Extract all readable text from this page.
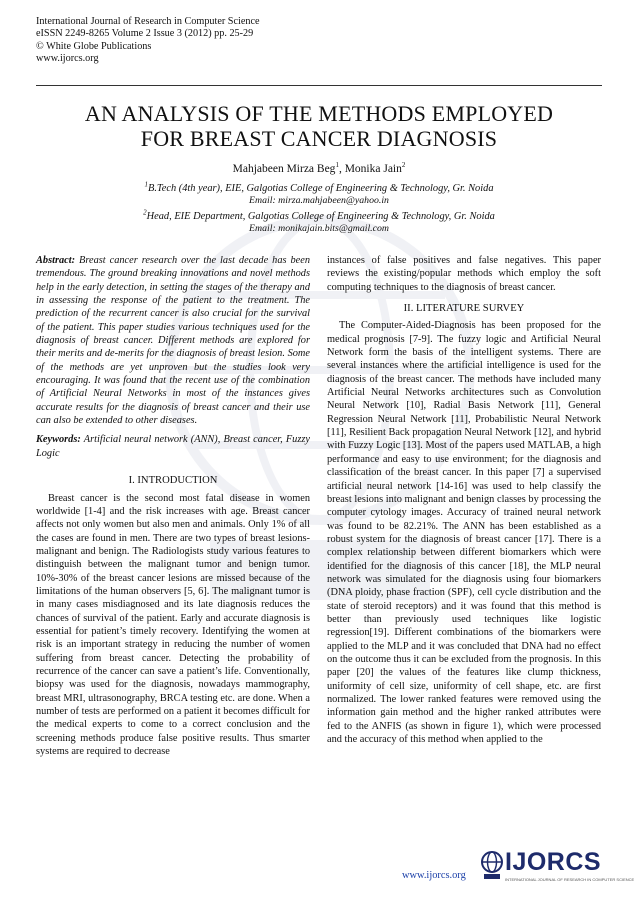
International Journal of Research in Computer Science
eISSN 2249-8265 Volume 2 Issue 3 (2012) pp. 25-29
© White Globe Publications
www.ijorcs.org
AN ANALYSIS OF THE METHODS EMPLOYED
FOR BREAST CANCER DIAGNOSIS
Mahjabeen Mirza Beg$^1$, Monika Jain$^2$
$^1$B.Tech (4th year), EIE, Galgotias College of Engineering & Technology, Gr. Noida
Email: mirza.mahjabeen@yahoo.in
$^2$Head, EIE Department, Galgotias College of Engineering & Technology, Gr. Noida
Email: monikajain.bits@gmail.com

Abstract: Breast cancer research over the last decade has been tremendous. The ground breaking innovations and novel methods help in the early detection, in setting the stages of the therapy and in assessing the response of the patient to the treatment. The prediction of the recurrent cancer is also crucial for the survival of the patient. This paper studies various techniques used for the diagnosis of breast cancer. Different methods are explored for their merits and de-merits for the diagnosis of breast lesion. Some of the methods are yet unproven but the studies look very encouraging. It was found that the recent use of the combination of Artificial Neural Networks in most of the instances gives accurate results for the diagnosis of breast cancer and their use can also be extended to other diseases.

Keywords: Artificial neural network (ANN), Breast cancer, Fuzzy Logic

I. INTRODUCTION

Breast cancer is the second most fatal disease in women worldwide [1-4] and the risk increases with age. Breast cancer affects not only women but also men and animals. Only 1% of all the cases are found in men. There are two types of breast lesions- malignant and benign. The Radiologists study various features to distinguish between the malignant tumor and benign tumor. 10%-30% of the breast cancer lesions are missed because of the limitations of the human observers [5, 6]. The malignant tumor is in many cases misdiagnosed and its late diagnosis reduces the chances of survival of the patient. Early and accurate diagnosis is essential for patient’s timely recovery. Identifying the women at risk is an important strategy in reducing the number of women suffering from breast cancer. Detecting the probability of recurrence of the cancer can save a patient’s life. Conventionally, biopsy was used for the diagnosis, nowadays mammography, breast MRI, ultrasonography, BRCA testing etc. are done. When a number of tests are performed on a patient it becomes difficult for the medical experts to come to a correct conclusion and the screening methods produce false positive results. Thus smarter systems are required to decrease

instances of false positives and false negatives. This paper reviews the existing/popular methods which employ the soft computing techniques to the diagnosis of breast cancer.

II. LITERATURE SURVEY

The Computer-Aided-Diagnosis has been proposed for the medical prognosis [7-9]. The fuzzy logic and Artificial Neural Network form the basis of the intelligent systems. There are several instances where the artificial intelligence is used for the diagnosis of the breast cancer. The methods have included many Artificial Neural Networks architectures such as Convolution Neural Network [10], Radial Basis Network [11], General Regression Neural Network [11], Probabilistic Neural Network [11], Resilient Back propagation Neural Network [12], and hybrid with Fuzzy Logic [13]. Most of the papers used MATLAB, a high performance and easy to use environment; for the diagnosis and classification of the breast cancer. In this paper [7] a supervised artificial neural network [14-16] was used to help classify the breast lesions into malignant and benign classes by processing the computer cytology images. Accuracy of trained neural network was found to be 82.21%. The ANN has been established as a robust system for the diagnosis of breast cancer [17]. There is a complex relationship between different biomarkers which were identified for the diagnosis of this cancer [18], the MLP neural network was simulated for the diagnosis using four biomarkers (DNA ploidy, phase fraction (SPF), cell cycle distribution and the state of steroid receptors) and it was found that this method is better than previously used techniques like logistic regression[19]. Different combinations of the biomarkers were applied to the MLP and it was concluded that DNA had no effect on the outcome thus it can be excluded from the prognosis. In this paper [20] the values of the features like clump thickness, uniformity of cell size, uniformity of cell shape, etc. are first normalized. The lower ranked features were removed using the information gain method and the higher ranked attributes were fed to the ANFIS (as shown in figure 1), which were processed and the accuracy of this method when applied to the

www.ijorcs.org IJORCS
INTERNATIONAL JOURNAL OF RESEARCH IN COMPUTER SCIENCE
